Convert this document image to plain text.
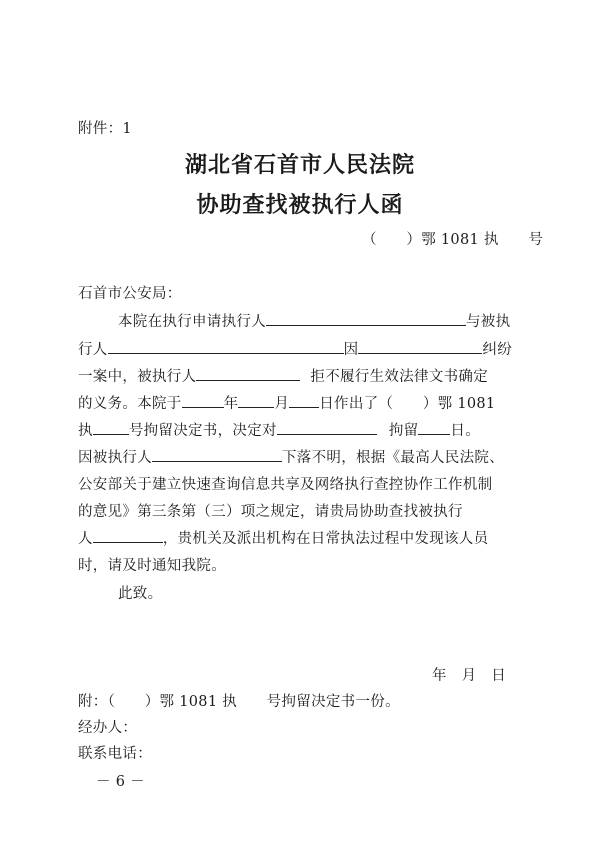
附件：1
湖北省石首市人民法院
协助查找被执行人函
（　　）鄂 1081 执　　号
石首市公安局：
本院在执行申请执行人	与被执
行人	因	纠纷
一案中，被执行人	拒不履行生效法律文书确定
的义务。本院于	年 月 日作出了（　　）鄂 1081
执 号拘留决定书，决定对	拘留 日。
因被执行人	下落不明，根据《最高人民法院、
公安部关于建立快速查询信息共享及网络执行查控协作工作机制
的意见》第三条第（三）项之规定，请贵局协助查找被执行
人	，贵机关及派出机构在日常执法过程中发现该人员
时，请及时通知我院。
此致。
年　月　日
附：（　　）鄂 1081 执　　号拘留决定书一份。
经办人：
联系电话：
－ 6 －
